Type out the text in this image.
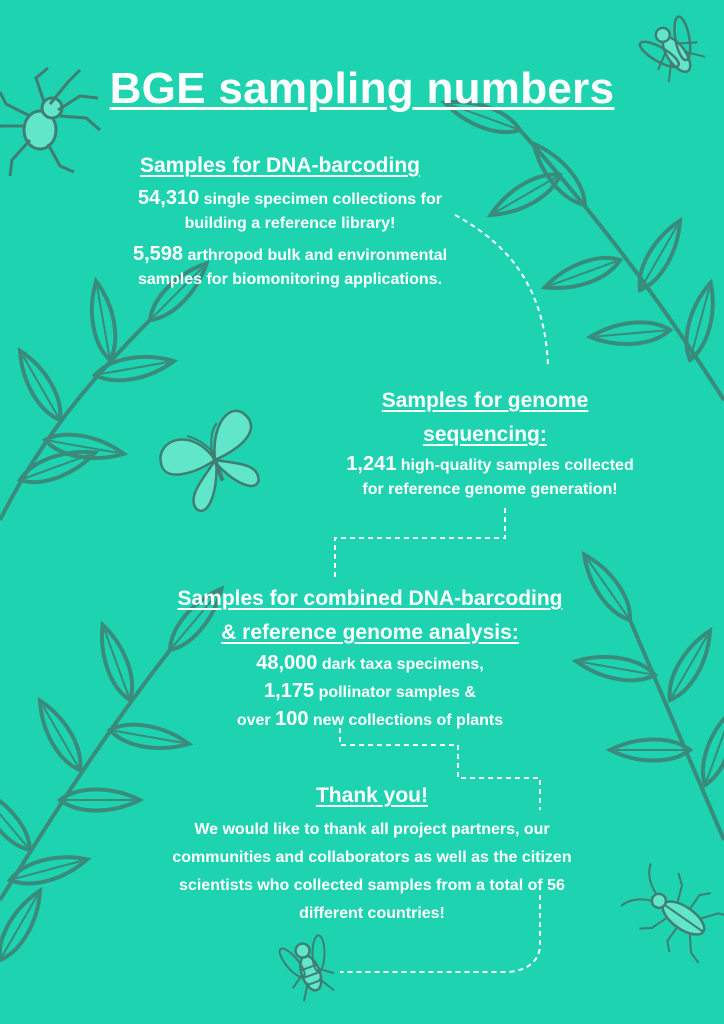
BGE sampling numbers
Samples for DNA-barcoding
54,310 single specimen collections for
building a reference library!
5,598 arthropod bulk and environmental
samples for biomonitoring applications.
Samples for genome
sequencing:
1,241 high-quality samples collected
for reference genome generation!
Samples for combined DNA-barcoding
& reference genome analysis:
48,000 dark taxa specimens,
1,175 pollinator samples &
over 100 new collections of plants
Thank you!
We would like to thank all project partners, our
communities and collaborators as well as the citizen
scientists who collected samples from a total of 56
different countries!
